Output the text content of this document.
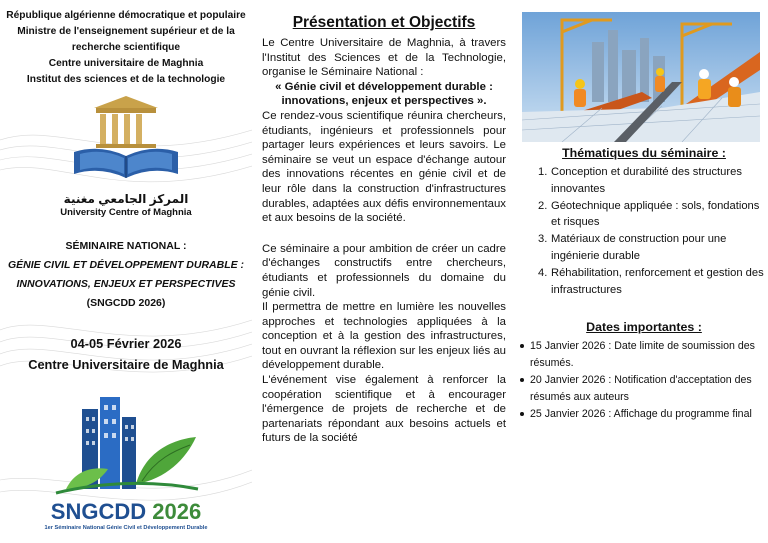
République algérienne démocratique et populaire
Ministre de l'enseignement supérieur et de la
recherche scientifique
Centre universitaire de Maghnia
Institut des sciences et de la technologie
المركز الجامعي مغنية
University Centre of Maghnia
SÉMINAIRE NATIONAL :
GÉNIE CIVIL ET DÉVELOPPEMENT DURABLE :
INNOVATIONS, ENJEUX ET PERSPECTIVES
(SNGCDD 2026)
04-05 Février 2026
Centre Universitaire de Maghnia
SNGCDD 2026
1er Séminaire National Génie Civil et Développement Durable
Présentation et Objectifs

Le Centre Universitaire de Maghnia, à travers l'Institut des Sciences et de la Technologie, organise le Séminaire National :

« Génie civil et développement durable : innovations, enjeux et perspectives ».

Ce rendez-vous scientifique réunira chercheurs, étudiants, ingénieurs et professionnels pour partager leurs expériences et leurs savoirs. Le séminaire se veut un espace d'échange autour des innovations récentes en génie civil et de leur rôle dans la construction d'infrastructures durables, adaptées aux défis environnementaux et aux besoins de la société.

Ce séminaire a pour ambition de créer un cadre d'échanges constructifs entre chercheurs, étudiants et professionnels du domaine du génie civil.

Il permettra de mettre en lumière les nouvelles approches et technologies appliquées à la conception et à la gestion des infrastructures, tout en ouvrant la réflexion sur les enjeux liés au développement durable.

L'événement vise également à renforcer la coopération scientifique et à encourager l'émergence de projets de recherche et de partenariats répondant aux besoins actuels et futurs de la société

Thématiques du séminaire :
1. Conception et durabilité des structures innovantes
2. Géotechnique appliquée : sols, fondations et risques
3. Matériaux de construction pour une ingénierie durable
4. Réhabilitation, renforcement et gestion des infrastructures
Dates importantes :
15 Janvier 2026 : Date limite de soumission des résumés.
20 Janvier 2026 : Notification d'acceptation des résumés aux auteurs
25 Janvier 2026 : Affichage du programme final
